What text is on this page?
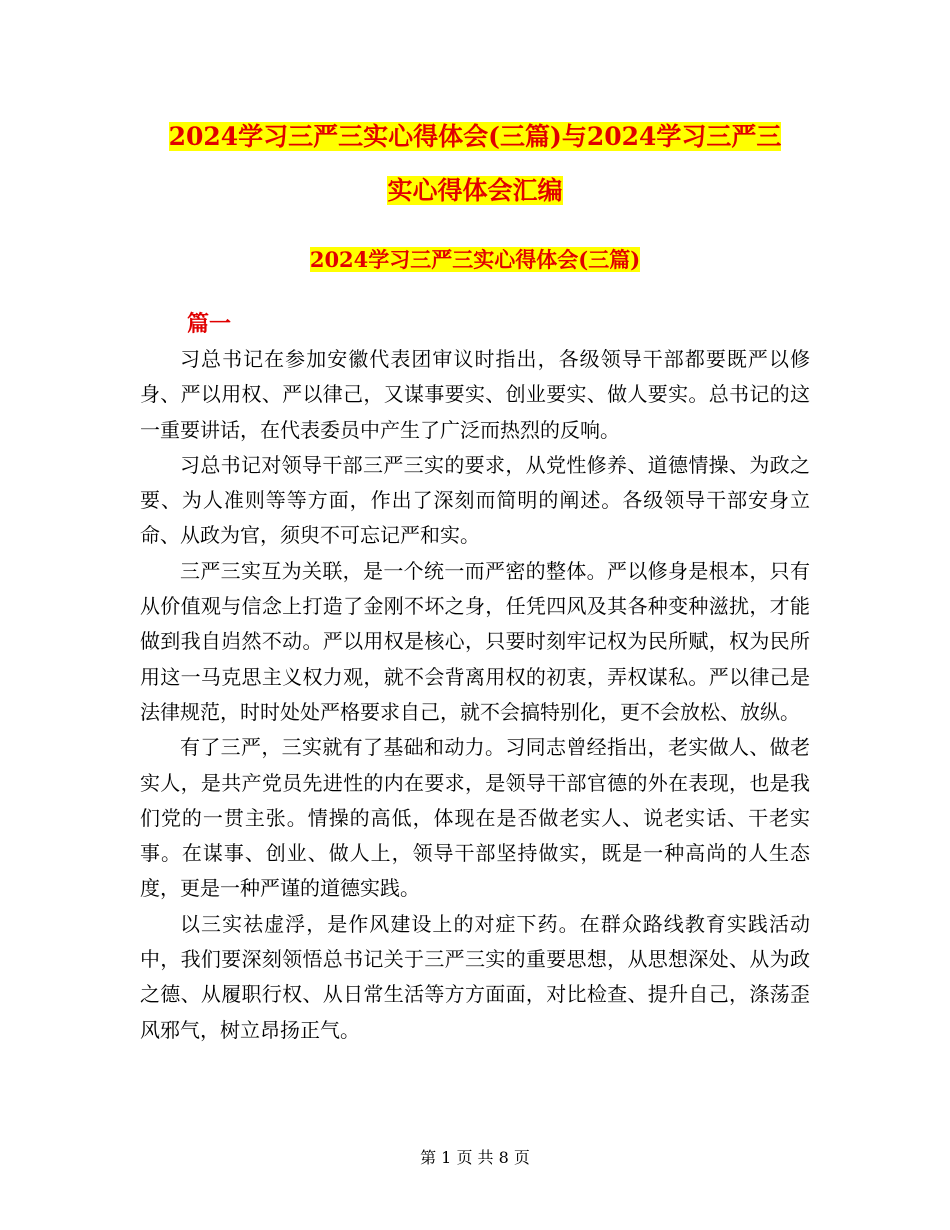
2024学习三严三实心得体会(三篇)与2024学习三严三
实心得体会汇编
2024学习三严三实心得体会(三篇)
篇一

习总书记在参加安徽代表团审议时指出，各级领导干部都要既严以修身、严以用权、严以律己，又谋事要实、创业要实、做人要实。总书记的这一重要讲话，在代表委员中产生了广泛而热烈的反响。

习总书记对领导干部三严三实的要求，从党性修养、道德情操、为政之要、为人准则等等方面，作出了深刻而简明的阐述。各级领导干部安身立命、从政为官，须臾不可忘记严和实。

三严三实互为关联，是一个统一而严密的整体。严以修身是根本，只有从价值观与信念上打造了金刚不坏之身，任凭四风及其各种变种滋扰，才能做到我自岿然不动。严以用权是核心，只要时刻牢记权为民所赋，权为民所用这一马克思主义权力观，就不会背离用权的初衷，弄权谋私。严以律己是法律规范，时时处处严格要求自己，就不会搞特别化，更不会放松、放纵。

有了三严，三实就有了基础和动力。习同志曾经指出，老实做人、做老实人，是共产党员先进性的内在要求，是领导干部官德的外在表现，也是我们党的一贯主张。情操的高低，体现在是否做老实人、说老实话、干老实事。在谋事、创业、做人上，领导干部坚持做实，既是一种高尚的人生态度，更是一种严谨的道德实践。

以三实祛虚浮，是作风建设上的对症下药。在群众路线教育实践活动中，我们要深刻领悟总书记关于三严三实的重要思想，从思想深处、从为政之德、从履职行权、从日常生活等方方面面，对比检查、提升自己，涤荡歪风邪气，树立昂扬正气。

第 1 页 共 8 页
